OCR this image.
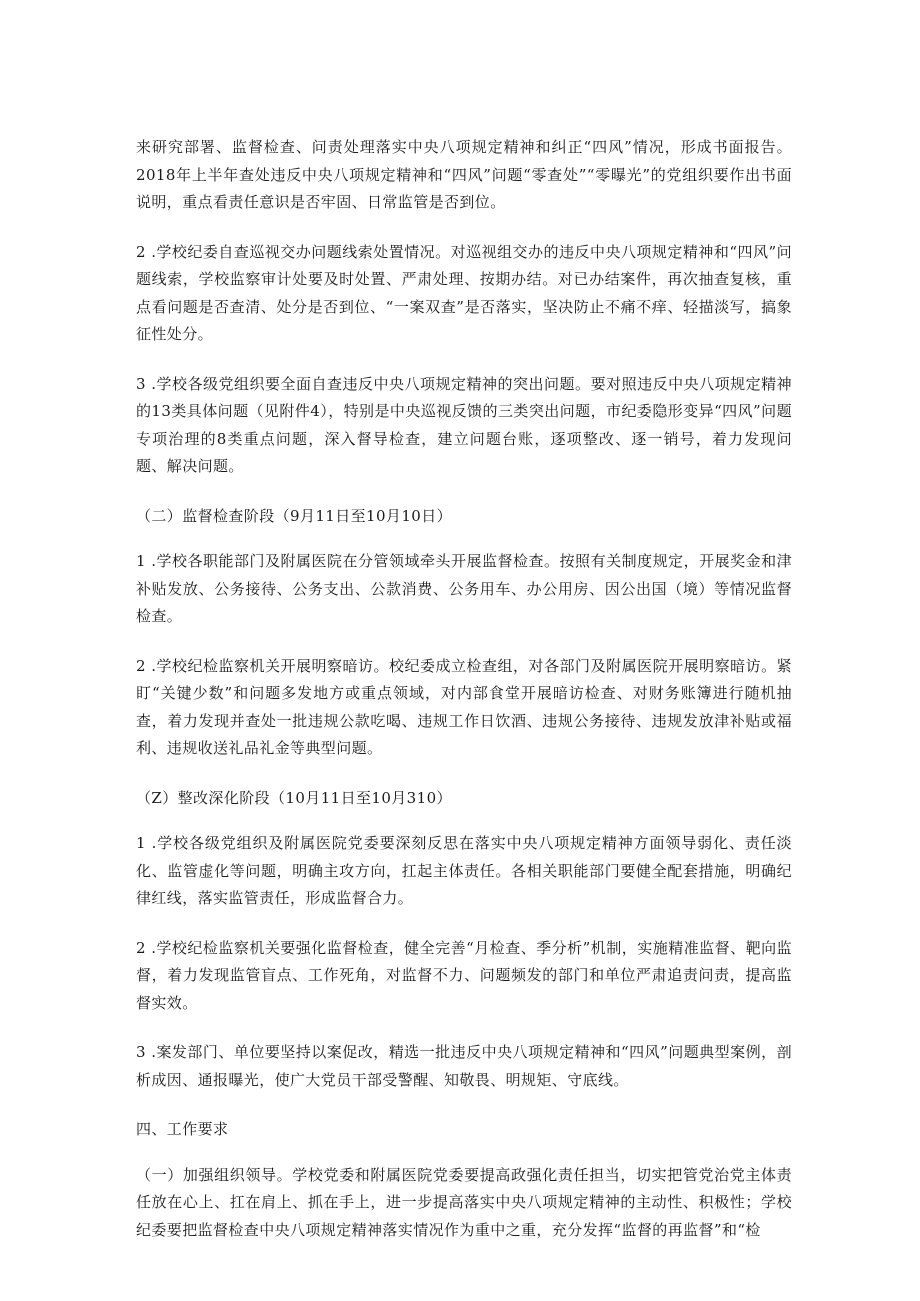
来研究部署、监督检查、问责处理落实中央八项规定精神和纠正“四风”情况，形成书面报告。2018年上半年查处违反中央八项规定精神和“四风”问题“零查处”“零曝光”的党组织要作出书面说明，重点看责任意识是否牢固、日常监管是否到位。

2 .学校纪委自查巡视交办问题线索处置情况。对巡视组交办的违反中央八项规定精神和“四风”问题线索，学校监察审计处要及时处置、严肃处理、按期办结。对已办结案件，再次抽查复核，重点看问题是否查清、处分是否到位、“一案双查”是否落实，坚决防止不痛不痒、轻描淡写，搞象征性处分。

3 .学校各级党组织要全面自查违反中央八项规定精神的突出问题。要对照违反中央八项规定精神的13类具体问题（见附件4），特别是中央巡视反馈的三类突出问题，市纪委隐形变异“四风”问题专项治理的8类重点问题，深入督导检查，建立问题台账，逐项整改、逐一销号，着力发现问题、解决问题。

（二）监督检查阶段（9月11日至10月10日）

1 .学校各职能部门及附属医院在分管领域牵头开展监督检查。按照有关制度规定，开展奖金和津补贴发放、公务接待、公务支出、公款消费、公务用车、办公用房、因公出国（境）等情况监督检查。

2 .学校纪检监察机关开展明察暗访。校纪委成立检查组，对各部门及附属医院开展明察暗访。紧盯“关键少数”和问题多发地方或重点领域，对内部食堂开展暗访检查、对财务账簿进行随机抽查，着力发现并查处一批违规公款吃喝、违规工作日饮酒、违规公务接待、违规发放津补贴或福利、违规收送礼品礼金等典型问题。

（Z）整改深化阶段（10月11日至10月310）

1 .学校各级党组织及附属医院党委要深刻反思在落实中央八项规定精神方面领导弱化、责任淡化、监管虚化等问题，明确主攻方向，扛起主体责任。各相关职能部门要健全配套措施，明确纪律红线，落实监管责任，形成监督合力。

2 .学校纪检监察机关要强化监督检查，健全完善“月检查、季分析”机制，实施精准监督、靶向监督，着力发现监管盲点、工作死角，对监督不力、问题频发的部门和单位严肃追责问责，提高监督实效。

3 .案发部门、单位要坚持以案促改，精选一批违反中央八项规定精神和“四风”问题典型案例，剖析成因、通报曝光，使广大党员干部受警醒、知敬畏、明规矩、守底线。

四、工作要求

（一）加强组织领导。学校党委和附属医院党委要提高政强化责任担当，切实把管党治党主体责任放在心上、扛在肩上、抓在手上，进一步提高落实中央八项规定精神的主动性、积极性；学校纪委要把监督检查中央八项规定精神落实情况作为重中之重，充分发挥“监督的再监督”和“检
